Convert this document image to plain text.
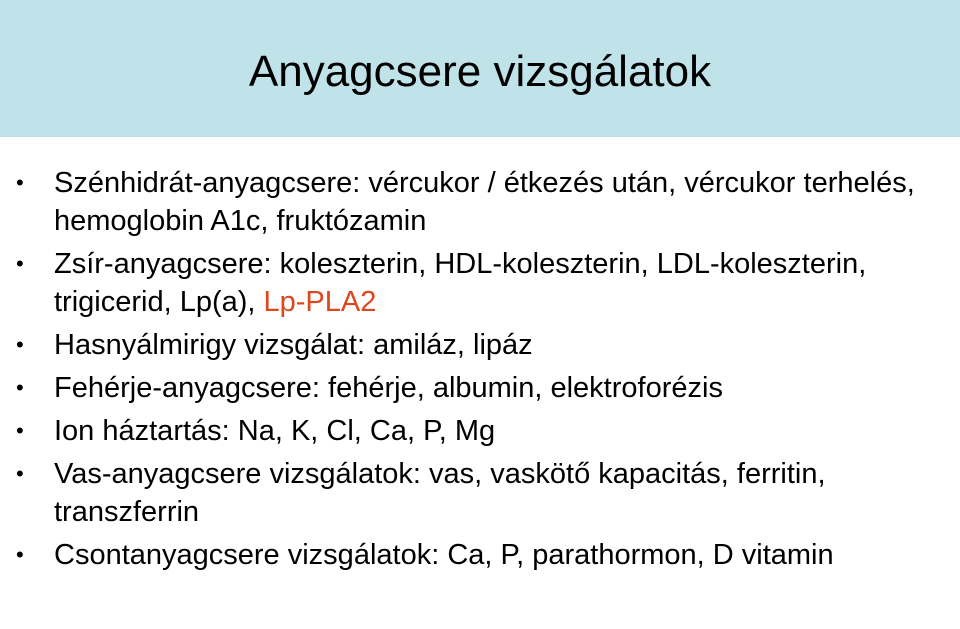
Anyagcsere vizsgálatok
• Szénhidrát-anyagcsere: vércukor / étkezés után, vércukor terhelés, hemoglobin A1c, fruktózamin
• Zsír-anyagcsere: koleszterin, HDL-koleszterin, LDL-koleszterin, trigicerid, Lp(a), Lp-PLA2
• Hasnyálmirigy vizsgálat: amiláz, lipáz
• Fehérje-anyagcsere: fehérje, albumin, elektroforézis
• Ion háztartás: Na, K, Cl, Ca, P, Mg
• Vas-anyagcsere vizsgálatok: vas, vaskötő kapacitás, ferritin, transzferrin
• Csontanyagcsere vizsgálatok: Ca, P, parathormon, D vitamin
